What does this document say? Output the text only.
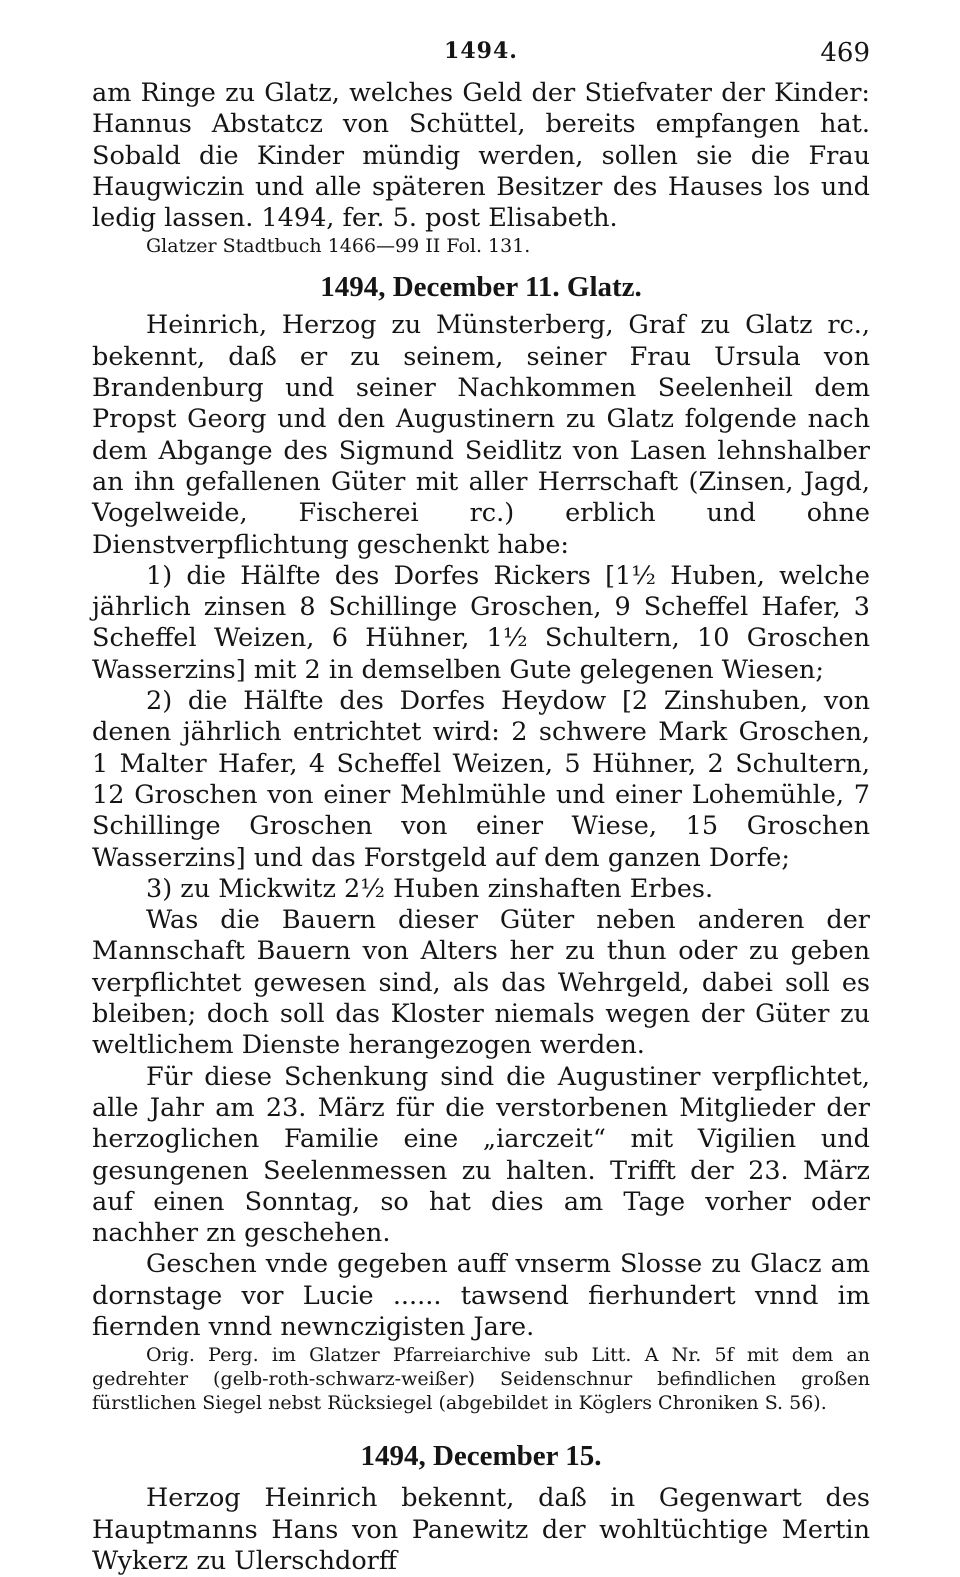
1494.	469

am Ringe zu Glatz, welches Geld der Stiefvater der Kinder: Hannus Abstatcz von Schüttel, bereits empfangen hat. Sobald die Kinder mündig werden, sollen sie die Frau Haugwiczin und alle späteren Besitzer des Hauses los und ledig lassen. 1494, fer. 5. post Elisabeth.

Glatzer Stadtbuch 1466—99 II Fol. 131.

1494, December 11. Glatz.

Heinrich, Herzog zu Münsterberg, Graf zu Glatz rc., bekennt, daß er zu seinem, seiner Frau Ursula von Brandenburg und seiner Nachkommen Seelenheil dem Propst Georg und den Augustinern zu Glatz folgende nach dem Abgange des Sigmund Seidlitz von Lasen lehnshalber an ihn gefallenen Güter mit aller Herrschaft (Zinsen, Jagd, Vogelweide, Fischerei rc.) erblich und ohne Dienstverpflichtung geschenkt habe:

1) die Hälfte des Dorfes Rickers [1½ Huben, welche jährlich zinsen 8 Schillinge Groschen, 9 Scheffel Hafer, 3 Scheffel Weizen, 6 Hühner, 1½ Schultern, 10 Groschen Wasserzins] mit 2 in demselben Gute gelegenen Wiesen;

2) die Hälfte des Dorfes Heydow [2 Zinshuben, von denen jährlich entrichtet wird: 2 schwere Mark Groschen, 1 Malter Hafer, 4 Scheffel Weizen, 5 Hühner, 2 Schultern, 12 Groschen von einer Mehlmühle und einer Lohemühle, 7 Schillinge Groschen von einer Wiese, 15 Groschen Wasserzins] und das Forstgeld auf dem ganzen Dorfe;

3) zu Mickwitz 2½ Huben zinshaften Erbes.

Was die Bauern dieser Güter neben anderen der Mannschaft Bauern von Alters her zu thun oder zu geben verpflichtet gewesen sind, als das Wehrgeld, dabei soll es bleiben; doch soll das Kloster niemals wegen der Güter zu weltlichem Dienste herangezogen werden.

Für diese Schenkung sind die Augustiner verpflichtet, alle Jahr am 23. März für die verstorbenen Mitglieder der herzoglichen Familie eine „iarczeit“ mit Vigilien und gesungenen Seelenmessen zu halten. Trifft der 23. März auf einen Sonntag, so hat dies am Tage vorher oder nachher zn geschehen.

Geschen vnde gegeben auff vnserm Slosse zu Glacz am dornstage vor Lucie ...... tawsend fierhundert vnnd im fiernden vnnd newnczigisten Jare.

Orig. Perg. im Glatzer Pfarreiarchive sub Litt. A Nr. 5f mit dem an gedrehter (gelb-roth-schwarz-weißer) Seidenschnur befindlichen großen fürstlichen Siegel nebst Rücksiegel (abgebildet in Köglers Chroniken S. 56).

1494, December 15.

Herzog Heinrich bekennt, daß in Gegenwart des Hauptmanns Hans von Panewitz der wohltüchtige Mertin Wykerz zu Ulerschdorff
